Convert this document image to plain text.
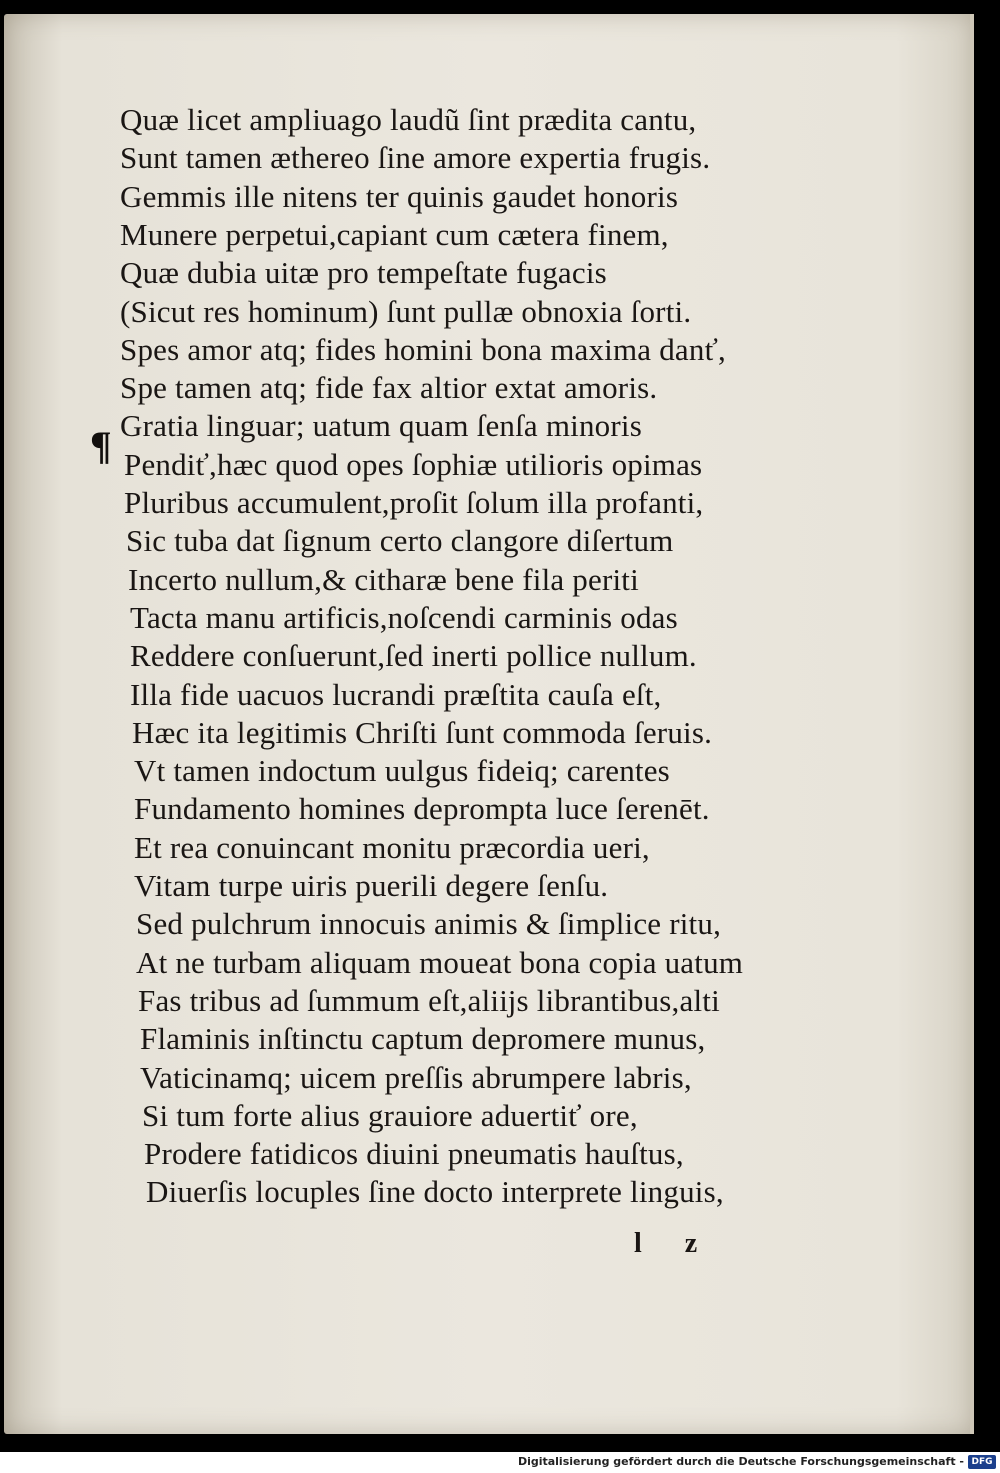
Quæ licet ampliuago laudũ ſint prædita cantu,
Sunt tamen æthereo ſine amore expertia frugis.
Gemmis ille nitens ter quinis gaudet honoris
Munere perpetui,capiant cum cætera finem,
Quæ dubia uitæ pro tempeſtate fugacis
(Sicut res hominum) ſunt pullæ obnoxia ſorti.
Spes amor atq; fides homini bona maxima danť,
Spe tamen atq; fide fax altior extat amoris.
Gratia linguar; uatum quam ſenſa minoris
Pendiť,hæc quod opes ſophiæ utilioris opimas
Pluribus accumulent,proſit ſolum illa profanti,
Sic tuba dat ſignum certo clangore diſertum
Incerto nullum,& citharæ bene fila periti
Tacta manu artificis,noſcendi carminis odas
Reddere conſuerunt,ſed inerti pollice nullum.
Illa fide uacuos lucrandi præſtita cauſa eſt,
Hæc ita legitimis Chriſti ſunt commoda ſeruis.
Vt tamen indoctum uulgus fideiq; carentes
Fundamento homines deprompta luce ſerenēt.
Et rea conuincant monitu præcordia ueri,
Vitam turpe uiris puerili degere ſenſu.
Sed pulchrum innocuis animis & ſimplice ritu,
At ne turbam aliquam moueat bona copia uatum
Fas tribus ad ſummum eſt,aliĳs librantibus,alti
Flaminis inſtinctu captum depromere munus,
Vaticinamq; uicem preſſis abrumpere labris,
Si tum forte alius grauiore aduertiť ore,
Prodere fatidicos diuini pneumatis hauſtus,
Diuerſis locuples ſine docto interprete linguis,
¶
l z
Digitalisierung gefördert durch die Deutsche Forschungsgemeinschaft - DFG
